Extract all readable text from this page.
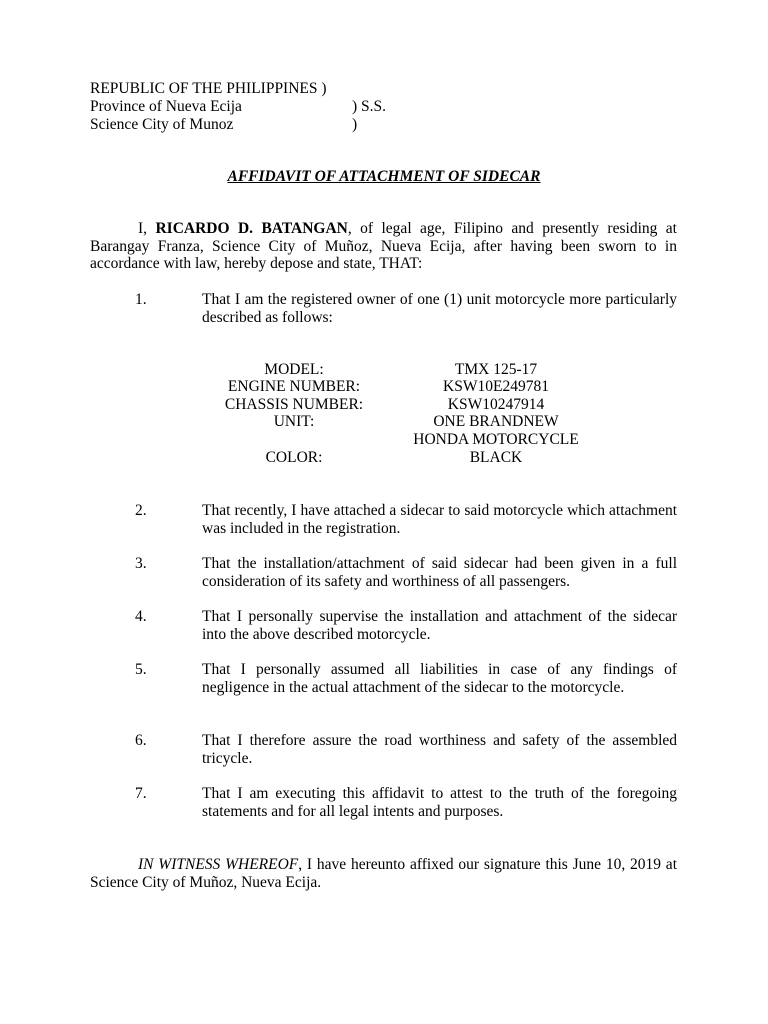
REPUBLIC OF THE PHILIPPINES )
Province of Nueva Ecija	) S.S.
Science City of Munoz	)
AFFIDAVIT OF ATTACHMENT OF SIDECAR
I, RICARDO D. BATANGAN, of legal age, Filipino and presently residing at Barangay Franza, Science City of Muñoz, Nueva Ecija, after having been sworn to in accordance with law, hereby depose and state, THAT:
1.	That I am the registered owner of one (1) unit motorcycle more particularly described as follows:
MODEL:	TMX 125-17
ENGINE NUMBER:	KSW10E249781
CHASSIS NUMBER:	KSW10247914
UNIT:	ONE BRANDNEW
HONDA MOTORCYCLE
COLOR:	BLACK
2.	That recently, I have attached a sidecar to said motorcycle which attachment was included in the registration.
3.	That the installation/attachment of said sidecar had been given in a full consideration of its safety and worthiness of all passengers.
4.	That I personally supervise the installation and attachment of the sidecar into the above described motorcycle.
5.	That I personally assumed all liabilities in case of any findings of negligence in the actual attachment of the sidecar to the motorcycle.
6.	That I therefore assure the road worthiness and safety of the assembled tricycle.
7.	That I am executing this affidavit to attest to the truth of the foregoing statements and for all legal intents and purposes.
IN WITNESS WHEREOF, I have hereunto affixed our signature this June 10, 2019 at Science City of Muñoz, Nueva Ecija.
